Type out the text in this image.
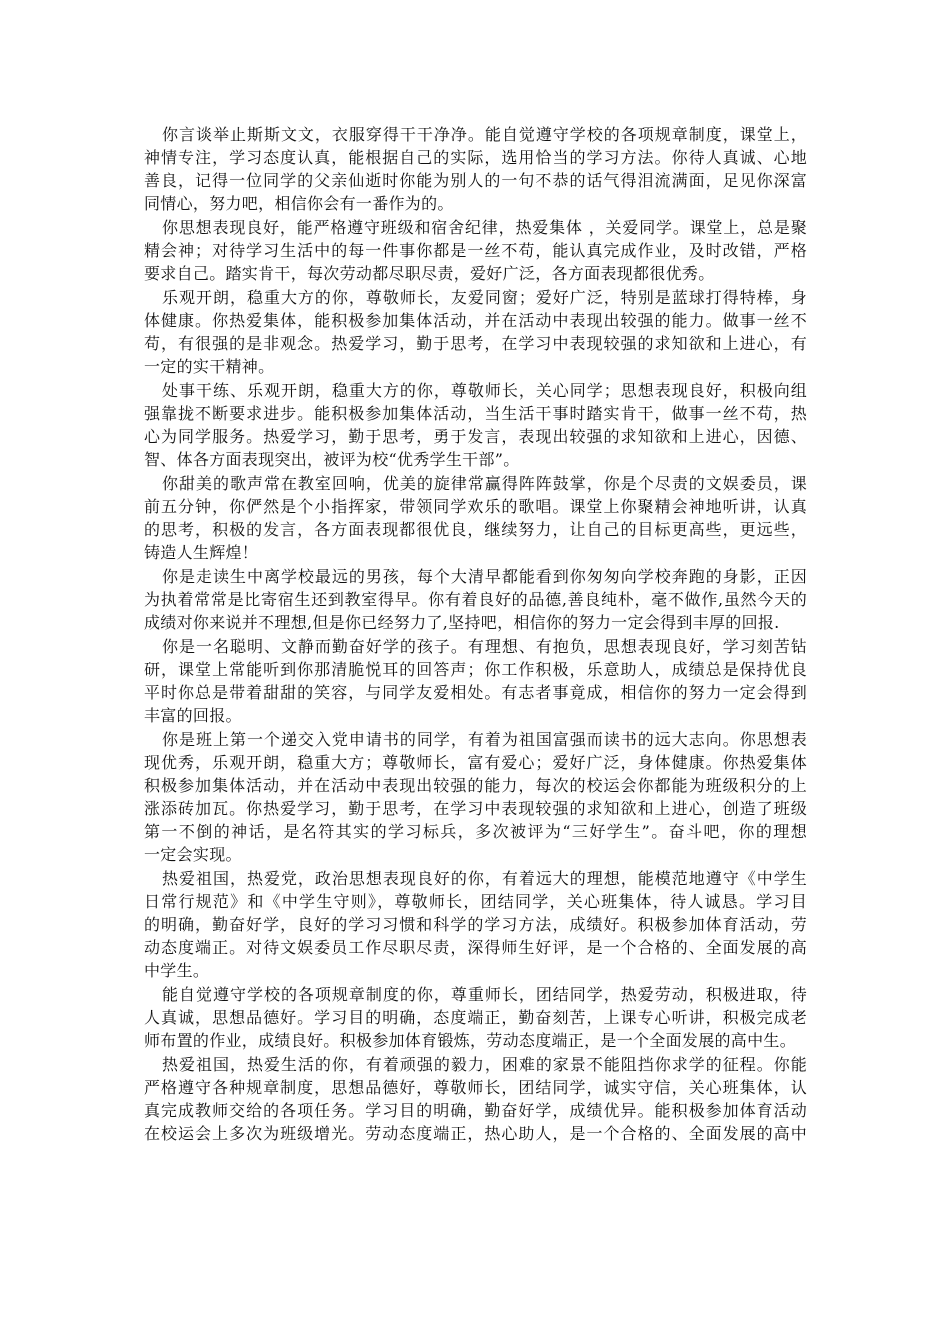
你言谈举止斯斯文文，衣服穿得干干净净。能自觉遵守学校的各项规章制度，课堂上，
神情专注，学习态度认真，能根据自己的实际，选用恰当的学习方法。你待人真诚、心地
善良，记得一位同学的父亲仙逝时你能为别人的一句不恭的话气得泪流满面，足见你深富
同情心，努力吧，相信你会有一番作为的。
你思想表现良好，能严格遵守班级和宿舍纪律，热爱集体 ，关爱同学。课堂上，总是聚
精会神；对待学习生活中的每一件事你都是一丝不苟，能认真完成作业，及时改错，严格
要求自己。踏实肯干，每次劳动都尽职尽责，爱好广泛，各方面表现都很优秀。
乐观开朗，稳重大方的你，尊敬师长，友爱同窗；爱好广泛，特别是蓝球打得特棒，身
体健康。你热爱集体，能积极参加集体活动，并在活动中表现出较强的能力。做事一丝不
苟，有很强的是非观念。热爱学习，勤于思考，在学习中表现较强的求知欲和上进心，有
一定的实干精神。
处事干练、乐观开朗，稳重大方的你，尊敬师长，关心同学；思想表现良好，积极向组
强靠拢不断要求进步。能积极参加集体活动，当生活干事时踏实肯干，做事一丝不苟，热
心为同学服务。热爱学习，勤于思考，勇于发言，表现出较强的求知欲和上进心，因德、
智、体各方面表现突出，被评为校“优秀学生干部”。
你甜美的歌声常在教室回响，优美的旋律常赢得阵阵鼓掌，你是个尽责的文娱委员，课
前五分钟，你俨然是个小指挥家，带领同学欢乐的歌唱。课堂上你聚精会神地听讲，认真
的思考，积极的发言，各方面表现都很优良，继续努力，让自己的目标更高些，更远些，
铸造人生辉煌！
你是走读生中离学校最远的男孩，每个大清早都能看到你匆匆向学校奔跑的身影，正因
为执着常常是比寄宿生还到教室得早。你有着良好的品德,善良纯朴，毫不做作,虽然今天的
成绩对你来说并不理想,但是你已经努力了,坚持吧，相信你的努力一定会得到丰厚的回报.
你是一名聪明、文静而勤奋好学的孩子。有理想、有抱负，思想表现良好，学习刻苦钻
研，课堂上常能听到你那清脆悦耳的回答声；你工作积极，乐意助人，成绩总是保持优良
平时你总是带着甜甜的笑容，与同学友爱相处。有志者事竟成，相信你的努力一定会得到
丰富的回报。
你是班上第一个递交入党申请书的同学，有着为祖国富强而读书的远大志向。你思想表
现优秀，乐观开朗，稳重大方；尊敬师长，富有爱心；爱好广泛，身体健康。你热爱集体
积极参加集体活动，并在活动中表现出较强的能力，每次的校运会你都能为班级积分的上
涨添砖加瓦。你热爱学习，勤于思考，在学习中表现较强的求知欲和上进心，创造了班级
第一不倒的神话，是名符其实的学习标兵，多次被评为“三好学生”。奋斗吧，你的理想
一定会实现。
热爱祖国，热爱党，政治思想表现良好的你，有着远大的理想，能模范地遵守《中学生
日常行规范》和《中学生守则》，尊敬师长，团结同学，关心班集体，待人诚恳。学习目
的明确，勤奋好学，良好的学习习惯和科学的学习方法，成绩好。积极参加体育活动，劳
动态度端正。对待文娱委员工作尽职尽责，深得师生好评，是一个合格的、全面发展的高
中学生。
能自觉遵守学校的各项规章制度的你，尊重师长，团结同学，热爱劳动，积极进取，待
人真诚，思想品德好。学习目的明确，态度端正，勤奋刻苦，上课专心听讲，积极完成老
师布置的作业，成绩良好。积极参加体育锻炼，劳动态度端正，是一个全面发展的高中生。
热爱祖国，热爱生活的你，有着顽强的毅力，困难的家景不能阻挡你求学的征程。你能
严格遵守各种规章制度，思想品德好，尊敬师长，团结同学，诚实守信，关心班集体，认
真完成教师交给的各项任务。学习目的明确，勤奋好学，成绩优异。能积极参加体育活动
在校运会上多次为班级增光。劳动态度端正，热心助人，是一个合格的、全面发展的高中
